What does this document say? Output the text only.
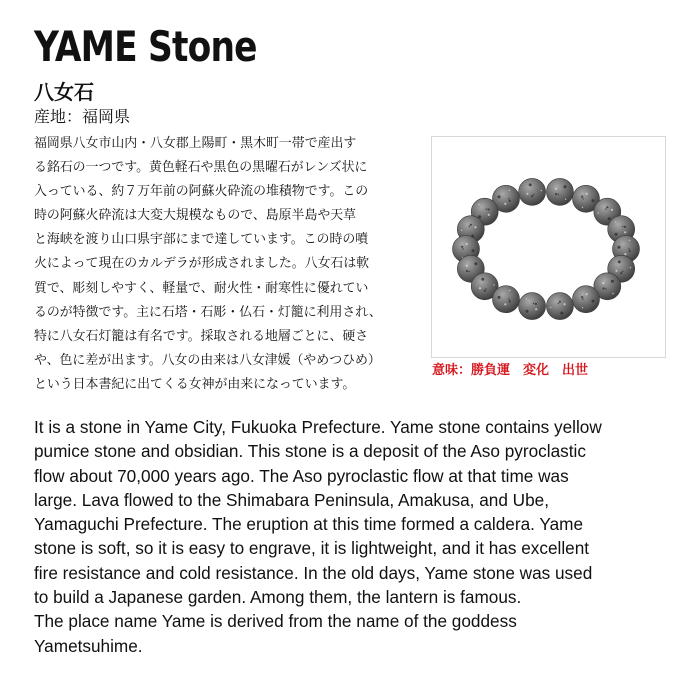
YAME Stone
八女石
産地：福岡県
福岡県八女市山内・八女郡上陽町・黒木町一帯で産出す
る銘石の一つです。黄色軽石や黒色の黒曜石がレンズ状に
入っている、約７万年前の阿蘇火砕流の堆積物です。この
時の阿蘇火砕流は大変大規模なもので、島原半島や天草
と海峡を渡り山口県宇部にまで達しています。この時の噴
火によって現在のカルデラが形成されました。八女石は軟
質で、彫刻しやすく、軽量で、耐火性・耐寒性に優れてい
るのが特徴です。主に石塔・石彫・仏石・灯籠に利用され、
特に八女石灯籠は有名です。採取される地層ごとに、硬さ
や、色に差が出ます。八女の由来は八女津媛（やめつひめ）
という日本書紀に出てくる女神が由来になっています。
意味：勝負運　変化　出世
It is a stone in Yame City, Fukuoka Prefecture. Yame stone contains yellow
pumice stone and obsidian. This stone is a deposit of the Aso pyroclastic
flow about 70,000 years ago. The Aso pyroclastic flow at that time was
large. Lava flowed to the Shimabara Peninsula, Amakusa, and Ube,
Yamaguchi Prefecture. The eruption at this time formed a caldera. Yame
stone is soft, so it is easy to engrave, it is lightweight, and it has excellent
fire resistance and cold resistance. In the old days, Yame stone was used
to build a Japanese garden. Among them, the lantern is famous.
The place name Yame is derived from the name of the goddess
Yametsuhime.
